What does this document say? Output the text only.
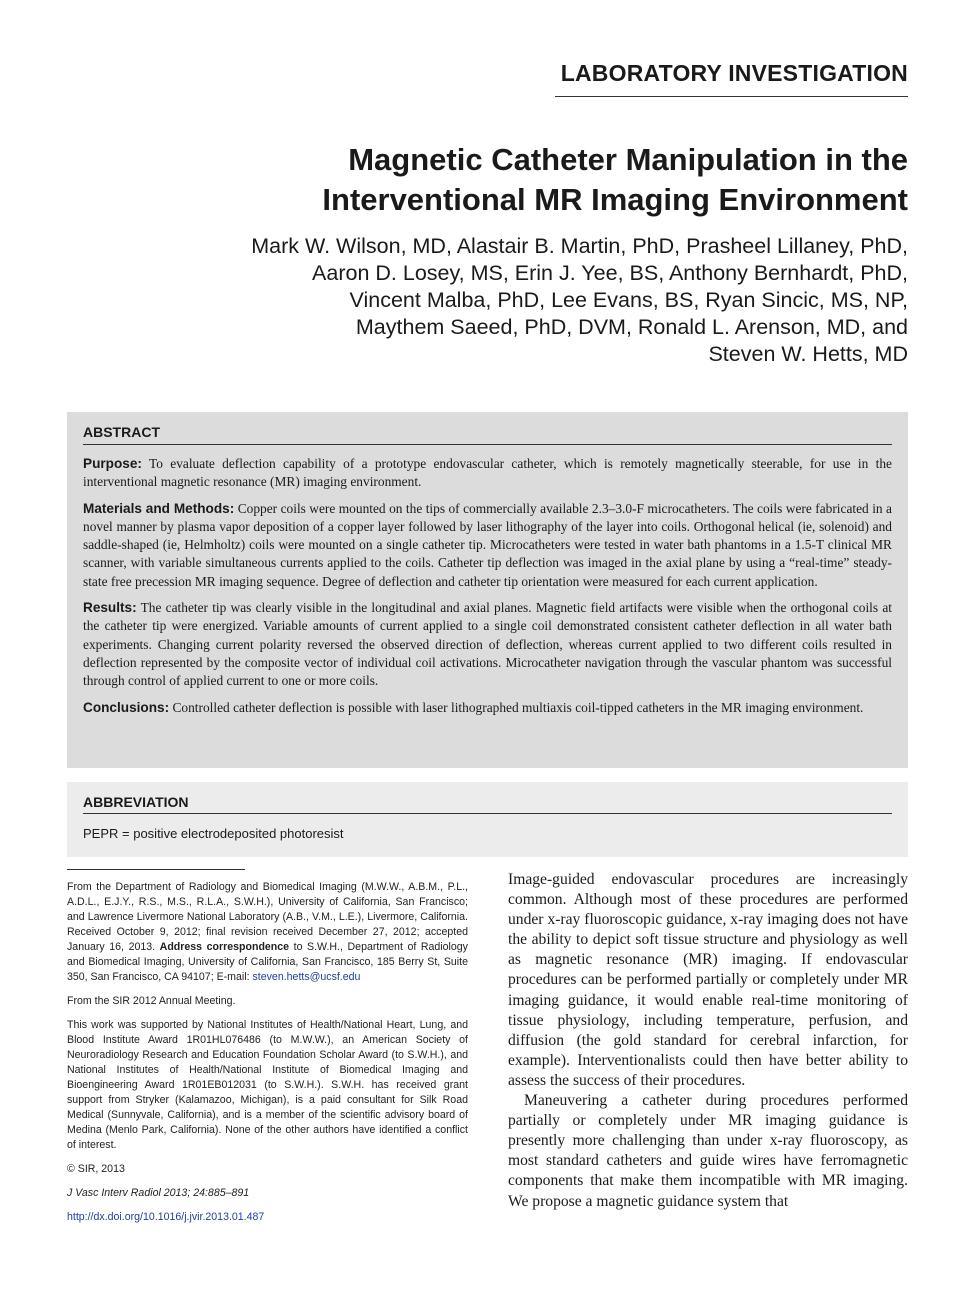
LABORATORY INVESTIGATION
Magnetic Catheter Manipulation in the
Interventional MR Imaging Environment
Mark W. Wilson, MD, Alastair B. Martin, PhD, Prasheel Lillaney, PhD,
Aaron D. Losey, MS, Erin J. Yee, BS, Anthony Bernhardt, PhD,
Vincent Malba, PhD, Lee Evans, BS, Ryan Sincic, MS, NP,
Maythem Saeed, PhD, DVM, Ronald L. Arenson, MD, and
Steven W. Hetts, MD
ABSTRACT

Purpose: To evaluate deflection capability of a prototype endovascular catheter, which is remotely magnetically steerable, for use in the interventional magnetic resonance (MR) imaging environment.

Materials and Methods: Copper coils were mounted on the tips of commercially available 2.3–3.0-F microcatheters. The coils were fabricated in a novel manner by plasma vapor deposition of a copper layer followed by laser lithography of the layer into coils. Orthogonal helical (ie, solenoid) and saddle-shaped (ie, Helmholtz) coils were mounted on a single catheter tip. Microcatheters were tested in water bath phantoms in a 1.5-T clinical MR scanner, with variable simultaneous currents applied to the coils. Catheter tip deflection was imaged in the axial plane by using a “real-time” steady-state free precession MR imaging sequence. Degree of deflection and catheter tip orientation were measured for each current application.

Results: The catheter tip was clearly visible in the longitudinal and axial planes. Magnetic field artifacts were visible when the orthogonal coils at the catheter tip were energized. Variable amounts of current applied to a single coil demonstrated consistent catheter deflection in all water bath experiments. Changing current polarity reversed the observed direction of deflection, whereas current applied to two different coils resulted in deflection represented by the composite vector of individual coil activations. Microcatheter navigation through the vascular phantom was successful through control of applied current to one or more coils.

Conclusions: Controlled catheter deflection is possible with laser lithographed multiaxis coil-tipped catheters in the MR imaging environment.

ABBREVIATION
PEPR = positive electrodeposited photoresist

From the Department of Radiology and Biomedical Imaging (M.W.W., A.B.M., P.L., A.D.L., E.J.Y., R.S., M.S., R.L.A., S.W.H.), University of California, San Francisco; and Lawrence Livermore National Laboratory (A.B., V.M., L.E.), Livermore, California. Received October 9, 2012; final revision received December 27, 2012; accepted January 16, 2013. Address correspondence to S.W.H., Department of Radiology and Biomedical Imaging, University of California, San Francisco, 185 Berry St, Suite 350, San Francisco, CA 94107; E-mail: steven.hetts@ucsf.edu

From the SIR 2012 Annual Meeting.

This work was supported by National Institutes of Health/National Heart, Lung, and Blood Institute Award 1R01HL076486 (to M.W.W.), an American Society of Neuroradiology Research and Education Foundation Scholar Award (to S.W.H.), and National Institutes of Health/National Institute of Biomedical Imaging and Bioengineering Award 1R01EB012031 (to S.W.H.). S.W.H. has received grant support from Stryker (Kalamazoo, Michigan), is a paid consultant for Silk Road Medical (Sunnyvale, California), and is a member of the scientific advisory board of Medina (Menlo Park, California). None of the other authors have identified a conflict of interest.

© SIR, 2013

J Vasc Interv Radiol 2013; 24:885–891

http://dx.doi.org/10.1016/j.jvir.2013.01.487

Image-guided endovascular procedures are increasingly common. Although most of these procedures are performed under x-ray fluoroscopic guidance, x-ray imaging does not have the ability to depict soft tissue structure and physiology as well as magnetic resonance (MR) imaging. If endovascular procedures can be performed partially or completely under MR imaging guidance, it would enable real-time monitoring of tissue physiology, including temperature, perfusion, and diffusion (the gold standard for cerebral infarction, for example). Interventionalists could then have better ability to assess the success of their procedures.

Maneuvering a catheter during procedures performed partially or completely under MR imaging guidance is presently more challenging than under x-ray fluoroscopy, as most standard catheters and guide wires have ferromagnetic components that make them incompatible with MR imaging. We propose a magnetic guidance system that
